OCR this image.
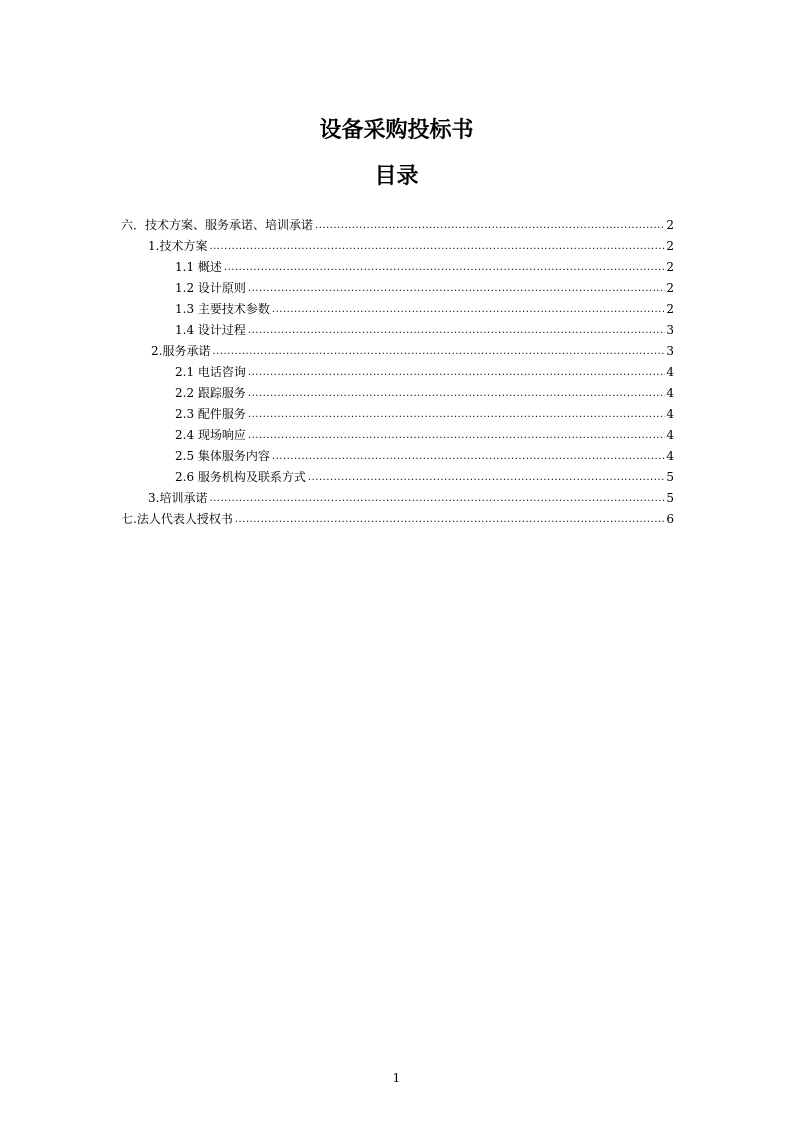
设备采购投标书
目录
六．技术方案、服务承诺、培训承诺 .....	2
1.技术方案 .....	2
1.1 概述 .....	2
1.2 设计原则 .....	2
1.3 主要技术参数 .....	2
1.4 设计过程 .....	3
2.服务承诺 .....	3
2.1 电话咨询 .....	4
2.2 跟踪服务 .....	4
2.3 配件服务 .....	4
2.4 现场响应 .....	4
2.5 集体服务内容 .....	4
2.6 服务机构及联系方式 .....	5
3.培训承诺 .....	5
七.法人代表人授权书 .....	6
1
